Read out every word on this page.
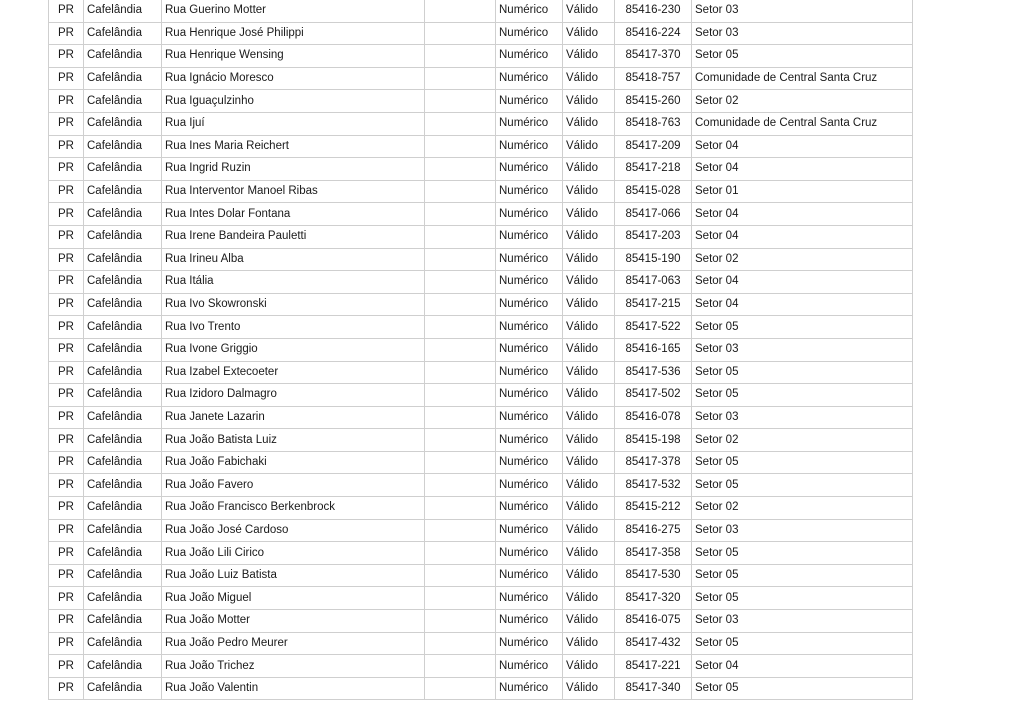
PR	Cafelândia	Rua Guerino Motter		Numérico	Válido	85416-230	Setor 03
PR	Cafelândia	Rua Henrique José Philippi		Numérico	Válido	85416-224	Setor 03
PR	Cafelândia	Rua Henrique Wensing		Numérico	Válido	85417-370	Setor 05
PR	Cafelândia	Rua Ignácio Moresco		Numérico	Válido	85418-757	Comunidade de Central Santa Cruz
PR	Cafelândia	Rua Iguaçulzinho		Numérico	Válido	85415-260	Setor 02
PR	Cafelândia	Rua Ijuí		Numérico	Válido	85418-763	Comunidade de Central Santa Cruz
PR	Cafelândia	Rua Ines Maria Reichert		Numérico	Válido	85417-209	Setor 04
PR	Cafelândia	Rua Ingrid Ruzin		Numérico	Válido	85417-218	Setor 04
PR	Cafelândia	Rua Interventor Manoel Ribas		Numérico	Válido	85415-028	Setor 01
PR	Cafelândia	Rua Intes Dolar Fontana		Numérico	Válido	85417-066	Setor 04
PR	Cafelândia	Rua Irene Bandeira Pauletti		Numérico	Válido	85417-203	Setor 04
PR	Cafelândia	Rua Irineu Alba		Numérico	Válido	85415-190	Setor 02
PR	Cafelândia	Rua Itália		Numérico	Válido	85417-063	Setor 04
PR	Cafelândia	Rua Ivo Skowronski		Numérico	Válido	85417-215	Setor 04
PR	Cafelândia	Rua Ivo Trento		Numérico	Válido	85417-522	Setor 05
PR	Cafelândia	Rua Ivone Griggio		Numérico	Válido	85416-165	Setor 03
PR	Cafelândia	Rua Izabel Extecoeter		Numérico	Válido	85417-536	Setor 05
PR	Cafelândia	Rua Izidoro Dalmagro		Numérico	Válido	85417-502	Setor 05
PR	Cafelândia	Rua Janete Lazarin		Numérico	Válido	85416-078	Setor 03
PR	Cafelândia	Rua João Batista Luiz		Numérico	Válido	85415-198	Setor 02
PR	Cafelândia	Rua João Fabichaki		Numérico	Válido	85417-378	Setor 05
PR	Cafelândia	Rua João Favero		Numérico	Válido	85417-532	Setor 05
PR	Cafelândia	Rua João Francisco Berkenbrock		Numérico	Válido	85415-212	Setor 02
PR	Cafelândia	Rua João José Cardoso		Numérico	Válido	85416-275	Setor 03
PR	Cafelândia	Rua João Lili Cirico		Numérico	Válido	85417-358	Setor 05
PR	Cafelândia	Rua João Luiz Batista		Numérico	Válido	85417-530	Setor 05
PR	Cafelândia	Rua João Miguel		Numérico	Válido	85417-320	Setor 05
PR	Cafelândia	Rua João Motter		Numérico	Válido	85416-075	Setor 03
PR	Cafelândia	Rua João Pedro Meurer		Numérico	Válido	85417-432	Setor 05
PR	Cafelândia	Rua João Trichez		Numérico	Válido	85417-221	Setor 04
PR	Cafelândia	Rua João Valentin		Numérico	Válido	85417-340	Setor 05
